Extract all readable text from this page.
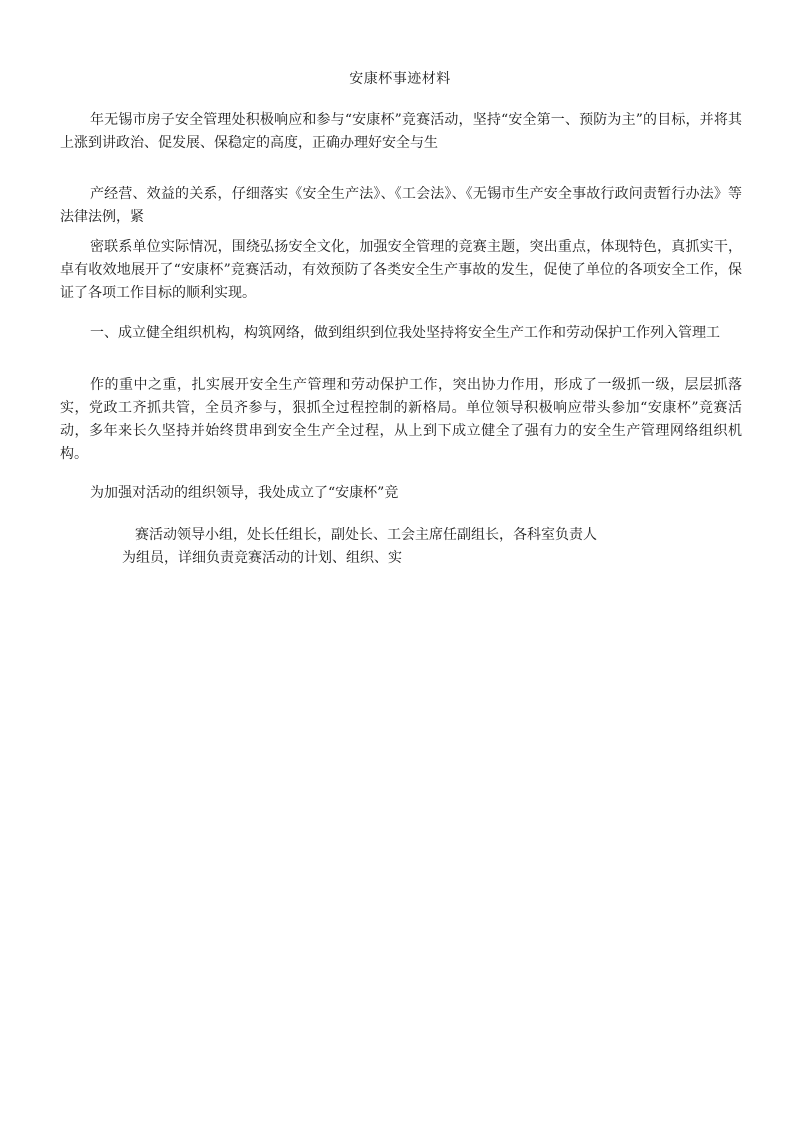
安康杯事迹材料
年无锡市房子安全管理处积极响应和参与“安康杯”竞赛活动，坚持“安全第一、预防为主”的目标，并将其上涨到讲政治、促发展、保稳定的高度，正确办理好安全与生
产经营、效益的关系，仔细落实《安全生产法》、《工会法》、《无锡市生产安全事故行政问责暂行办法》等法律法例，紧
密联系单位实际情况，围绕弘扬安全文化，加强安全管理的竞赛主题，突出重点，体现特色，真抓实干，卓有收效地展开了“安康杯”竞赛活动，有效预防了各类安全生产事故的发生，促使了单位的各项安全工作，保证了各项工作目标的顺利实现。
一、成立健全组织机构，构筑网络，做到组织到位我处坚持将安全生产工作和劳动保护工作列入管理工
作的重中之重，扎实展开安全生产管理和劳动保护工作，突出协力作用，形成了一级抓一级，层层抓落实，党政工齐抓共管，全员齐参与，狠抓全过程控制的新格局。单位领导积极响应带头参加“安康杯”竞赛活动，多年来长久坚持并始终贯串到安全生产全过程，从上到下成立健全了强有力的安全生产管理网络组织机构。
为加强对活动的组织领导，我处成立了“安康杯”竞
赛活动领导小组，处长任组长，副处长、工会主席任副组长，各科室负责人
为组员，详细负责竞赛活动的计划、组织、实
